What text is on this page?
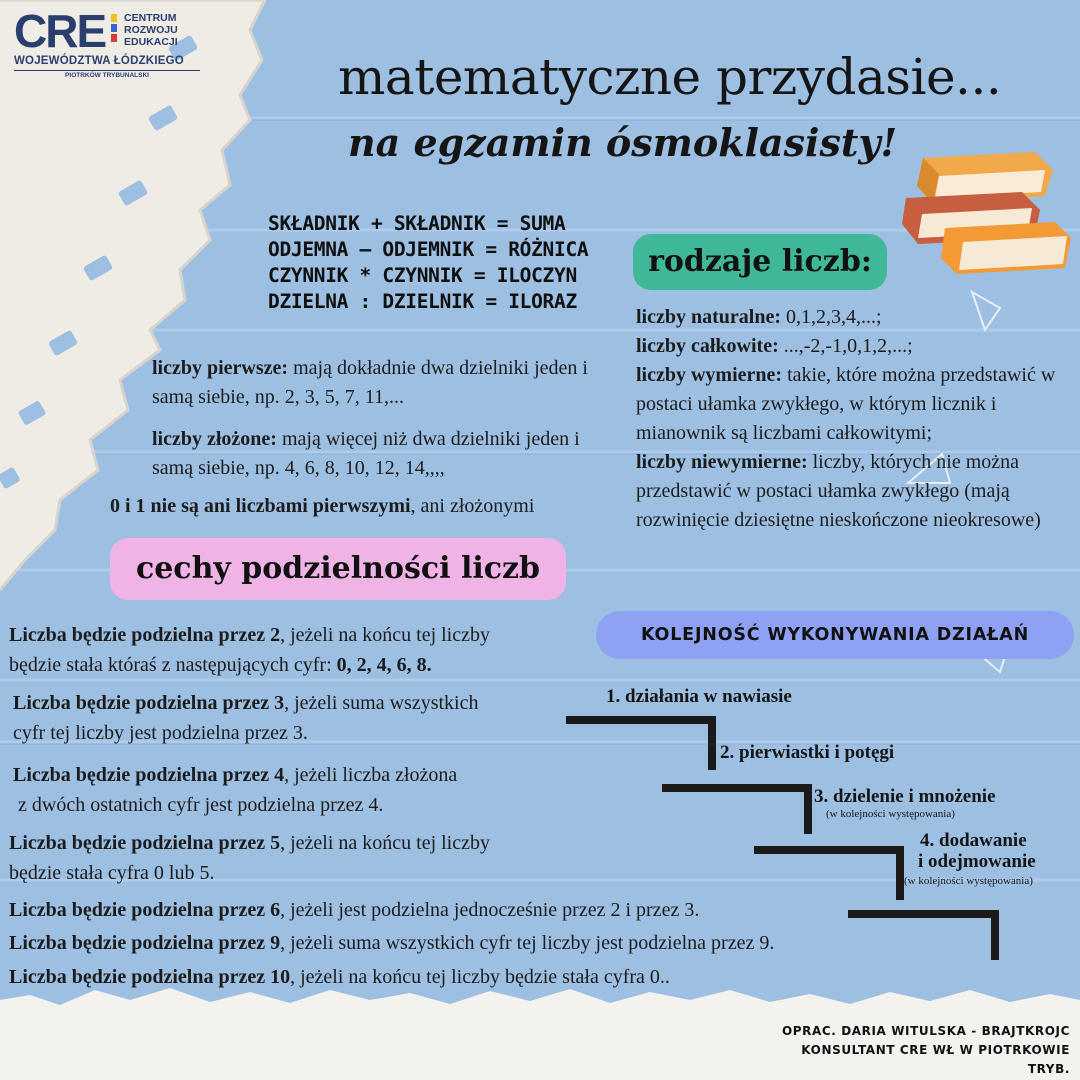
CRE CENTRUM
ROZWOJU
EDUKACJI
WOJEWÓDZTWA ŁÓDZKIEGO
PIOTRKÓW TRYBUNALSKI	matematyczne przydasie...
na egzamin ósmoklasisty!
SKŁADNIK + SKŁADNIK = SUMA
ODJEMNA – ODJEMNIK = RÓŻNICA
CZYNNIK * CZYNNIK = ILOCZYN
DZIELNA : DZIELNIK = ILORAZ
rodzaje liczb:
liczby pierwsze: mają dokładnie dwa dzielniki jeden i samą siebie, np. 2, 3, 5, 7, 11,...
liczby złożone: mają więcej niż dwa dzielniki jeden i samą siebie, np. 4, 6, 8, 10, 12, 14,,,,
0 i 1 nie są ani liczbami pierwszymi, ani złożonymi
liczby naturalne: 0,1,2,3,4,...;
liczby całkowite: ...,-2,-1,0,1,2,...;
liczby wymierne: takie, które można przedstawić w postaci ułamka zwykłego, w którym licznik i mianownik są liczbami całkowitymi;
liczby niewymierne: liczby, których nie można przedstawić w postaci ułamka zwykłego (mają rozwinięcie dziesiętne nieskończone nieokresowe)
cechy podzielności liczb
KOLEJNOŚĆ WYKONYWANIA DZIAŁAŃ
Liczba będzie podzielna przez 2, jeżeli na końcu tej liczby
będzie stała któraś z następujących cyfr: 0, 2, 4, 6, 8.
Liczba będzie podzielna przez 3, jeżeli suma wszystkich
cyfr tej liczby jest podzielna przez 3.
Liczba będzie podzielna przez 4, jeżeli liczba złożona
z dwóch ostatnich cyfr jest podzielna przez 4.
Liczba będzie podzielna przez 5, jeżeli na końcu tej liczby
będzie stała cyfra 0 lub 5.
Liczba będzie podzielna przez 6, jeżeli jest podzielna jednocześnie przez 2 i przez 3.
Liczba będzie podzielna przez 9, jeżeli suma wszystkich cyfr tej liczby jest podzielna przez 9.
Liczba będzie podzielna przez 10, jeżeli na końcu tej liczby będzie stała cyfra 0..
1. działania w nawiasie
2. pierwiastki i potęgi
3. dzielenie i mnożenie
(w kolejności występowania)
4. dodawanie
i odejmowanie
(w kolejności występowania)
OPRAC. DARIA WITULSKA - BRAJTKROJC
KONSULTANT CRE WŁ W PIOTRKOWIE TRYB.
